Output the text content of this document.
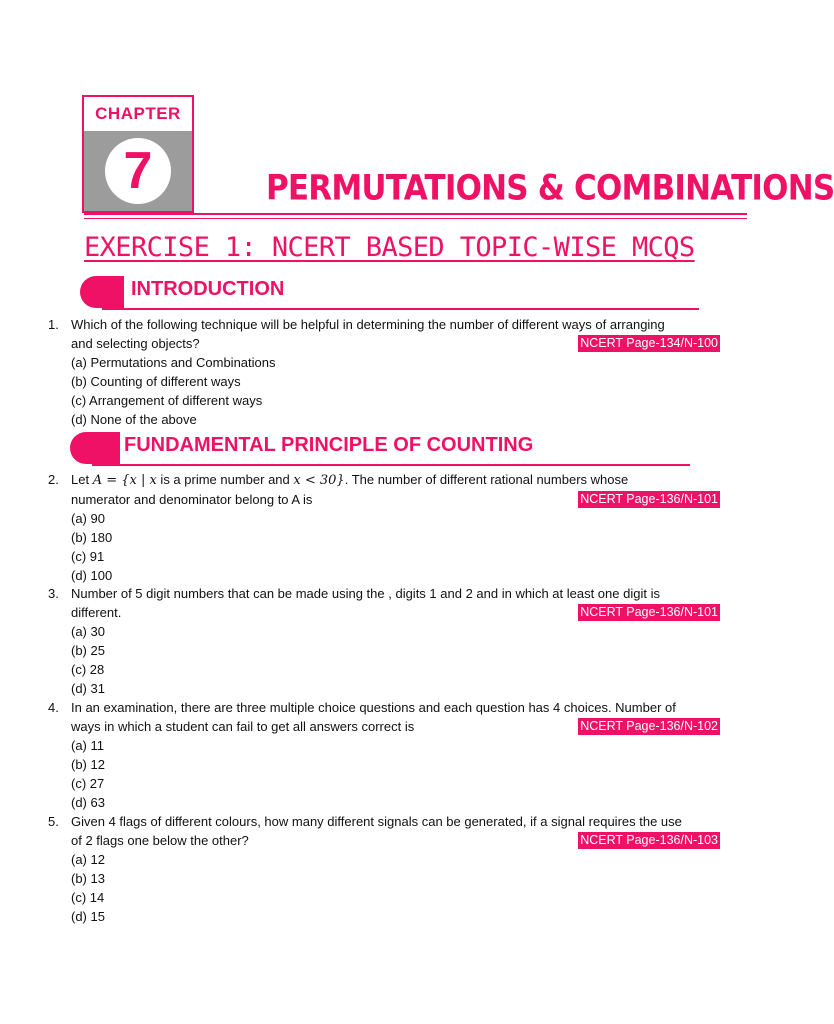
CHAPTER
7	PERMUTATIONS & COMBINATIONS
EXERCISE 1: NCERT BASED TOPIC-WISE MCQS
INTRODUCTION
1. Which of the following technique will be helpful in determining the number of different ways of arranging
and selecting objects?	NCERT Page-134/N-100
(a) Permutations and Combinations
(b) Counting of different ways
(c) Arrangement of different ways
(d) None of the above
FUNDAMENTAL PRINCIPLE OF COUNTING
2. Let A = {x | x is a prime number and x < 30}. The number of different rational numbers whose
numerator and denominator belong to A is	NCERT Page-136/N-101
(a) 90
(b) 180
(c) 91
(d) 100
3. Number of 5 digit numbers that can be made using the , digits 1 and 2 and in which at least one digit is
different.	NCERT Page-136/N-101
(a) 30
(b) 25
(c) 28
(d) 31
4. In an examination, there are three multiple choice questions and each question has 4 choices. Number of
ways in which a student can fail to get all answers correct is	NCERT Page-136/N-102
(a) 11
(b) 12
(c) 27
(d) 63
5. Given 4 flags of different colours, how many different signals can be generated, if a signal requires the use
of 2 flags one below the other?	NCERT Page-136/N-103
(a) 12
(b) 13
(c) 14
(d) 15
